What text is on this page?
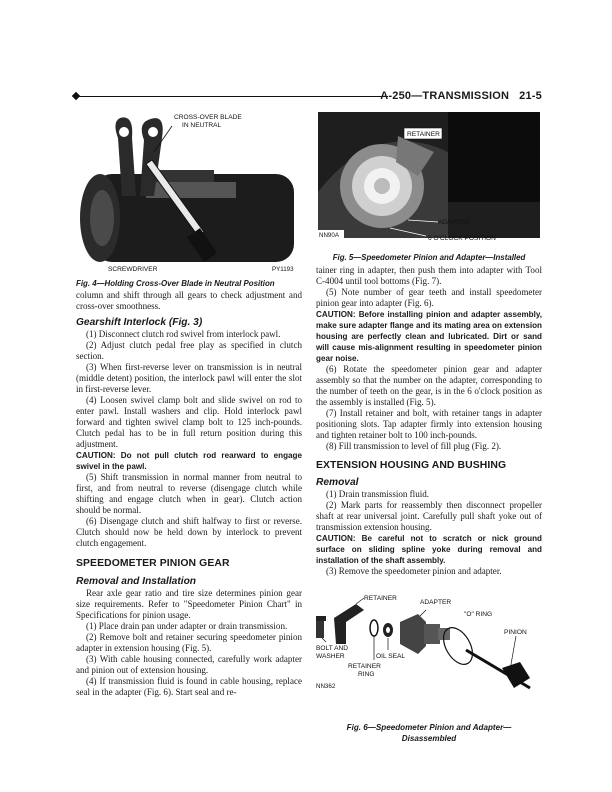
A-250—TRANSMISSION 21-5
CROSS-OVER BLADE
IN NEUTRAL
SCREWDRIVER	PY1193
RETAINER
ADAPTER
6 O'CLOCK POSITION
NN90A
RETAINER
ADAPTER
"O" RING
PINION
BOLT AND
WASHER	OIL SEAL
RETAINER
RING
NN362

Fig. 6—Speedometer Pinion and Adapter—

Disassembled

Fig. 4—Holding Cross-Over Blade in Neutral Position

column and shift through all gears to check adjustment and cross-over smoothness.

Gearshift Interlock (Fig. 3)

(1) Disconnect clutch rod swivel from interlock pawl.

(2) Adjust clutch pedal free play as specified in clutch section.

(3) When first-reverse lever on transmission is in neutral (middle detent) position, the interlock pawl will enter the slot in first-reverse lever.

(4) Loosen swivel clamp bolt and slide swivel on rod to enter pawl. Install washers and clip. Hold interlock pawl forward and tighten swivel clamp bolt to 125 inch-pounds. Clutch pedal has to be in full return position during this adjustment.

CAUTION: Do not pull clutch rod rearward to engage swivel in the pawl.

(5) Shift transmission in normal manner from neutral to first, and from neutral to reverse (disengage clutch while shifting and engage clutch when in gear). Clutch action should be normal.

(6) Disengage clutch and shift halfway to first or reverse. Clutch should now be held down by interlock to prevent clutch engagement.

SPEEDOMETER PINION GEAR

Removal and Installation

Rear axle gear ratio and tire size determines pinion gear size requirements. Refer to "Speedometer Pinion Chart" in Specifications for pinion usage.

(1) Place drain pan under adapter or drain transmission.

(2) Remove bolt and retainer securing speedometer pinion adapter in extension housing (Fig. 5).

(3) With cable housing connected, carefully work adapter and pinion out of extension housing.

(4) If transmission fluid is found in cable housing, replace seal in the adapter (Fig. 6). Start seal and re-

Fig. 5—Speedometer Pinion and Adapter—Installed

tainer ring in adapter, then push them into adapter with Tool C-4004 until tool bottoms (Fig. 7).

(5) Note number of gear teeth and install speedometer pinion gear into adapter (Fig. 6).

CAUTION: Before installing pinion and adapter assembly, make sure adapter flange and its mating area on extension housing are perfectly clean and lubricated. Dirt or sand will cause mis-alignment resulting in speedometer pinion gear noise.

(6) Rotate the speedometer pinion gear and adapter assembly so that the number on the adapter, corresponding to the number of teeth on the gear, is in the 6 o'clock position as the assembly is installed (Fig. 5).

(7) Install retainer and bolt, with retainer tangs in adapter positioning slots. Tap adapter firmly into extension housing and tighten retainer bolt to 100 inch-pounds.

(8) Fill transmission to level of fill plug (Fig. 2).

EXTENSION HOUSING AND BUSHING

Removal

(1) Drain transmission fluid.

(2) Mark parts for reassembly then disconnect propeller shaft at rear universal joint. Carefully pull shaft yoke out of transmission extension housing.

CAUTION: Be careful not to scratch or nick ground surface on sliding spline yoke during removal and installation of the shaft assembly.

(3) Remove the speedometer pinion and adapter.
